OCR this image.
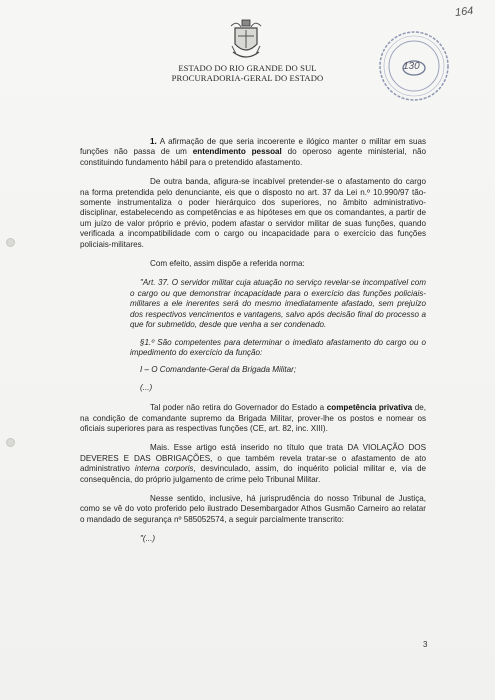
ESTADO DO RIO GRANDE DO SUL
PROCURADORIA-GERAL DO ESTADO
130
164

1. A afirmação de que seria incoerente e ilógico manter o militar em suas funções não passa de um entendimento pessoal do operoso agente ministerial, não constituindo fundamento hábil para o pretendido afastamento.

De outra banda, afigura-se incabível pretender-se o afastamento do cargo na forma pretendida pelo denunciante, eis que o disposto no art. 37 da Lei n.º 10.990/97 tão-somente instrumentaliza o poder hierárquico dos superiores, no âmbito administrativo-disciplinar, estabelecendo as competências e as hipóteses em que os comandantes, a partir de um juízo de valor próprio e prévio, podem afastar o servidor militar de suas funções, quando verificada a incompatibilidade com o cargo ou incapacidade para o exercício das funções policiais-militares.

Com efeito, assim dispõe a referida norma:

"Art. 37. O servidor militar cuja atuação no serviço revelar-se incompatível com o cargo ou que demonstrar incapacidade para o exercício das funções policiais-militares a ele inerentes será do mesmo imediatamente afastado, sem prejuízo dos respectivos vencimentos e vantagens, salvo após decisão final do processo a que for submetido, desde que venha a ser condenado.

§1.º São competentes para determinar o imediato afastamento do cargo ou o impedimento do exercício da função:

I – O Comandante-Geral da Brigada Militar;

(...)

Tal poder não retira do Governador do Estado a competência privativa de, na condição de comandante supremo da Brigada Militar, prover-lhe os postos e nomear os oficiais superiores para as respectivas funções (CE, art. 82, inc. XIII).

Mais. Esse artigo está inserido no título que trata DA VIOLAÇÃO DOS DEVERES E DAS OBRIGAÇÕES, o que também revela tratar-se o afastamento de ato administrativo interna corporis, desvinculado, assim, do inquérito policial militar e, via de consequência, do próprio julgamento de crime pelo Tribunal Militar.

Nesse sentido, inclusive, há jurisprudência do nosso Tribunal de Justiça, como se vê do voto proferido pelo ilustrado Desembargador Athos Gusmão Carneiro ao relatar o mandado de segurança nº 585052574, a seguir parcialmente transcrito:

"(...)

3
